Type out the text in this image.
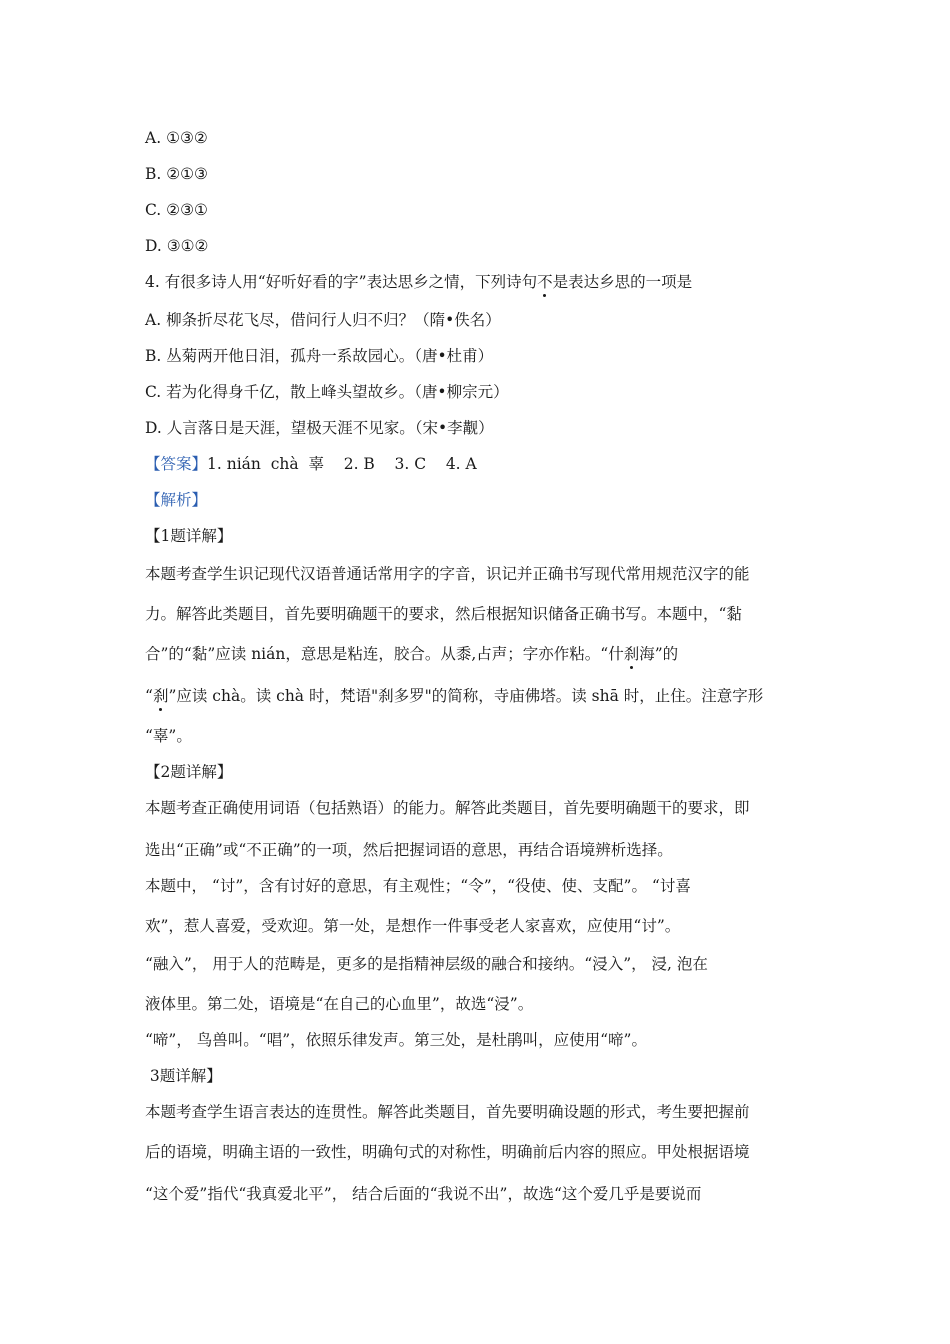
A. ①③②
B. ②①③
C. ②③①
D. ③①②
4. 有很多诗人用“好听好看的字”表达思乡之情，下列诗句不是表达乡思的一项是
A. 柳条折尽花飞尽，借问行人归不归？（隋•佚名）
B. 丛菊两开他日泪，孤舟一系故园心。（唐•杜甫）
C. 若为化得身千亿，散上峰头望故乡。（唐•柳宗元）
D. 人言落日是天涯，望极天涯不见家。（宋•李觏）
【答案】1. nián  chà  辜    2. B    3. C    4. A
【解析】
【1题详解】
本题考查学生识记现代汉语普通话常用字的字音，识记并正确书写现代常用规范汉字的能
力。解答此类题目，首先要明确题干的要求，然后根据知识储备正确书写。本题中，“黏
合”的“黏”应读 nián，意思是粘连，胶合。从黍,占声；字亦作粘。“什刹海”的
“刹”应读 chà。读 chà 时，梵语"刹多罗"的简称，寺庙佛塔。读 shā 时，止住。注意字形
“辜”。
【2题详解】
本题考查正确使用词语（包括熟语）的能力。解答此类题目，首先要明确题干的要求，即
选出“正确”或“不正确”的一项，然后把握词语的意思，再结合语境辨析选择。
本题中， “讨”，含有讨好的意思，有主观性；“令”，“役使、使、支配”。 “讨喜
欢”，惹人喜爱，受欢迎。第一处，是想作一件事受老人家喜欢，应使用“讨”。
“融入”， 用于人的范畴是，更多的是指精神层级的融合和接纳。“浸入”， 浸, 泡在
液体里。第二处，语境是“在自己的心血里”，故选“浸”。
“啼”， 鸟兽叫。“唱”，依照乐律发声。第三处，是杜鹃叫，应使用“啼”。
3题详解】
本题考查学生语言表达的连贯性。解答此类题目，首先要明确设题的形式，考生要把握前
后的语境，明确主语的一致性，明确句式的对称性，明确前后内容的照应。甲处根据语境
“这个爱”指代“我真爱北平”， 结合后面的“我说不出”，故选“这个爱几乎是要说而
